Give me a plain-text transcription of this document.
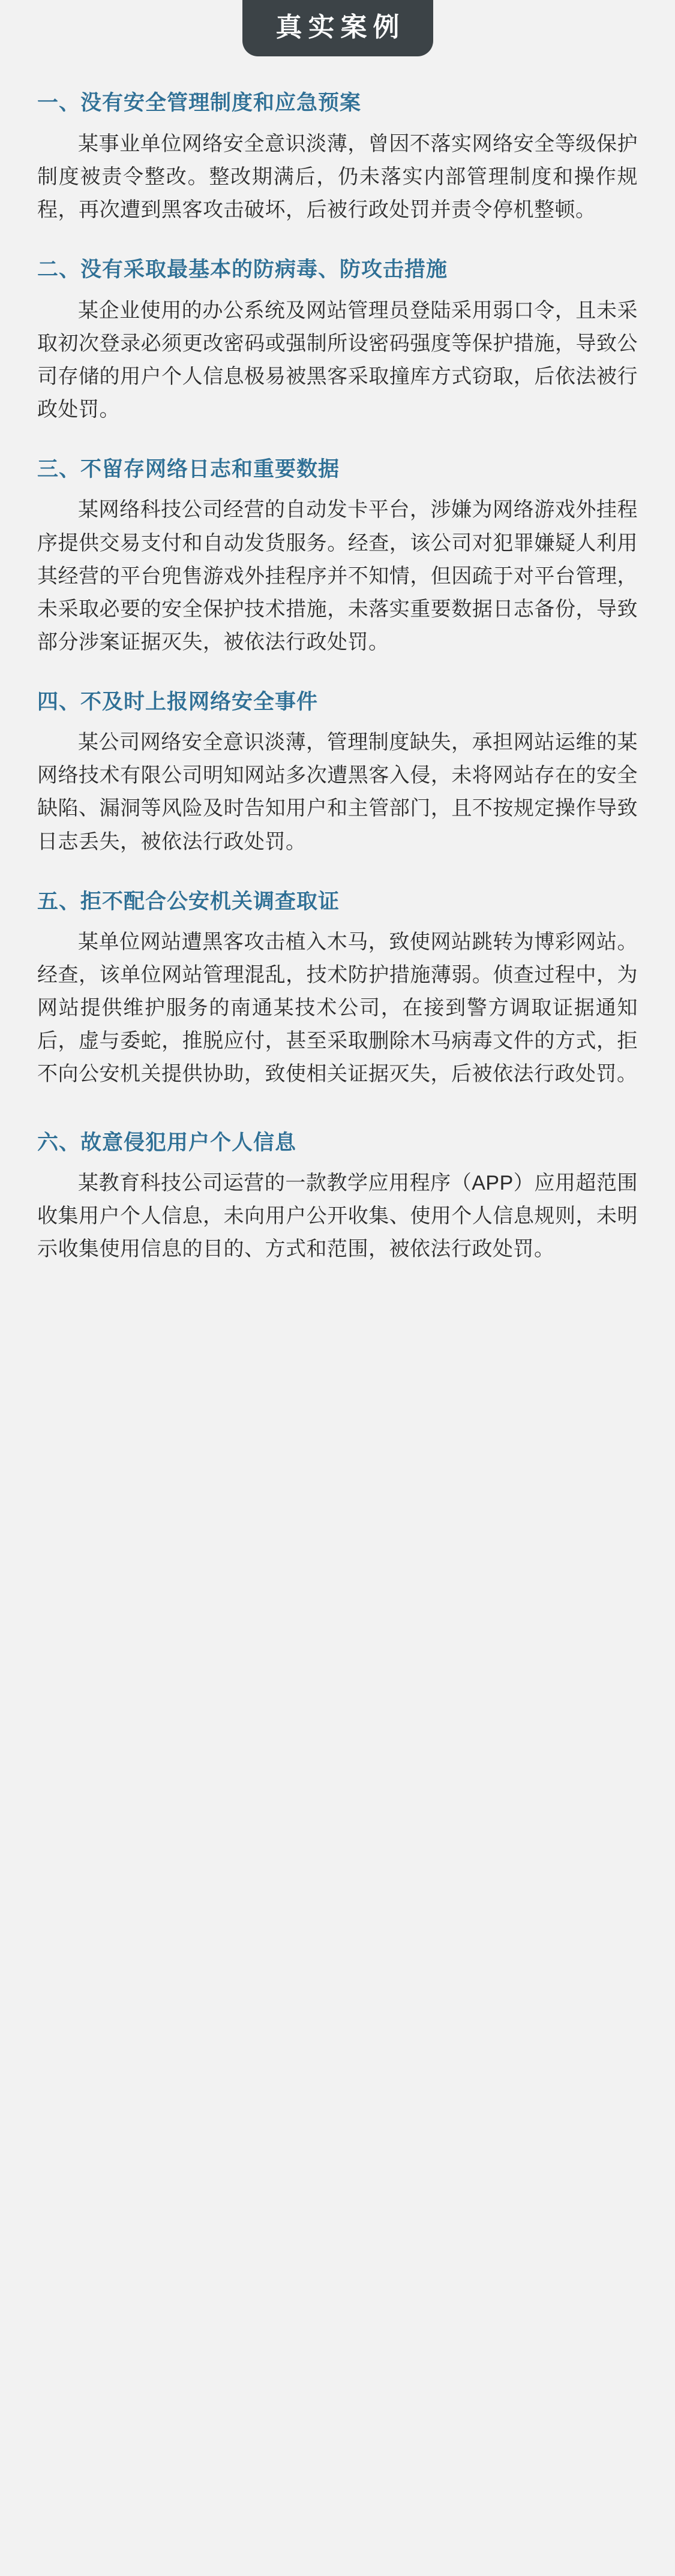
真实案例
一、没有安全管理制度和应急预案
某事业单位网络安全意识淡薄，曾因不落实网络安全等级保护制度被责令整改。整改期满后，仍未落实内部管理制度和操作规程，再次遭到黑客攻击破坏，后被行政处罚并责令停机整顿。
二、没有采取最基本的防病毒、防攻击措施
某企业使用的办公系统及网站管理员登陆采用弱口令，且未采取初次登录必须更改密码或强制所设密码强度等保护措施，导致公司存储的用户个人信息极易被黑客采取撞库方式窃取，后依法被行政处罚。
三、不留存网络日志和重要数据
某网络科技公司经营的自动发卡平台，涉嫌为网络游戏外挂程序提供交易支付和自动发货服务。经查，该公司对犯罪嫌疑人利用其经营的平台兜售游戏外挂程序并不知情，但因疏于对平台管理，未采取必要的安全保护技术措施，未落实重要数据日志备份，导致部分涉案证据灭失，被依法行政处罚。
四、不及时上报网络安全事件
某公司网络安全意识淡薄，管理制度缺失，承担网站运维的某网络技术有限公司明知网站多次遭黑客入侵，未将网站存在的安全缺陷、漏洞等风险及时告知用户和主管部门，且不按规定操作导致日志丢失，被依法行政处罚。
五、拒不配合公安机关调查取证
某单位网站遭黑客攻击植入木马，致使网站跳转为博彩网站。经查，该单位网站管理混乱，技术防护措施薄弱。侦查过程中，为网站提供维护服务的南通某技术公司，在接到警方调取证据通知后，虚与委蛇，推脱应付，甚至采取删除木马病毒文件的方式，拒不向公安机关提供协助，致使相关证据灭失，后被依法行政处罚。
六、故意侵犯用户个人信息
某教育科技公司运营的一款教学应用程序（APP）应用超范围收集用户个人信息，未向用户公开收集、使用个人信息规则，未明示收集使用信息的目的、方式和范围，被依法行政处罚。
